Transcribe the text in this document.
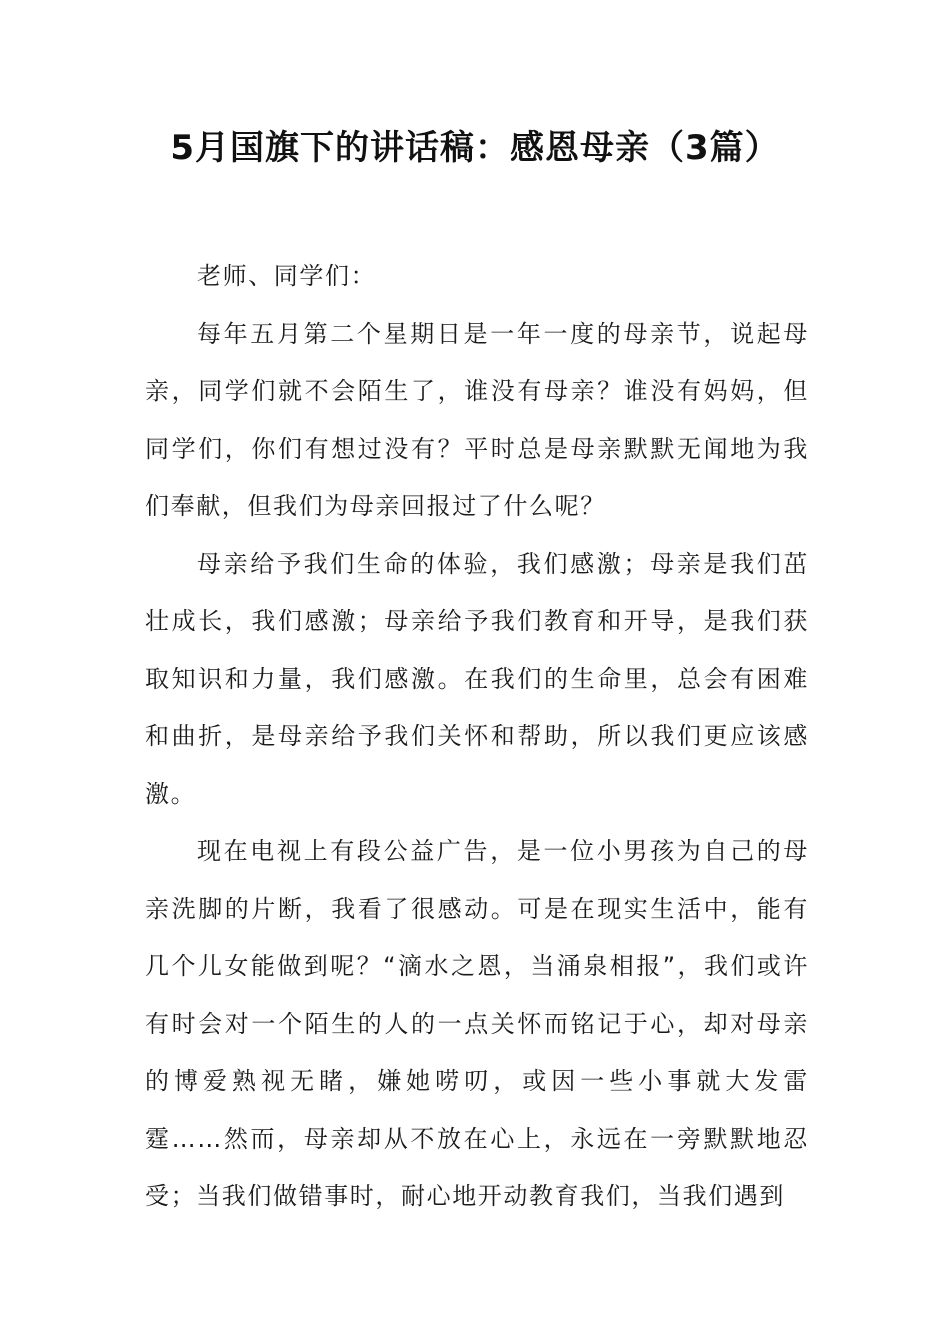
5月国旗下的讲话稿：感恩母亲（3篇）

老师、同学们：

每年五月第二个星期日是一年一度的母亲节，说起母亲，同学们就不会陌生了，谁没有母亲？谁没有妈妈，但同学们，你们有想过没有？平时总是母亲默默无闻地为我们奉献，但我们为母亲回报过了什么呢？

母亲给予我们生命的体验，我们感激；母亲是我们茁壮成长，我们感激；母亲给予我们教育和开导，是我们获取知识和力量，我们感激。在我们的生命里，总会有困难和曲折，是母亲给予我们关怀和帮助，所以我们更应该感激。

现在电视上有段公益广告，是一位小男孩为自己的母亲洗脚的片断，我看了很感动。可是在现实生活中，能有几个儿女能做到呢？“滴水之恩，当涌泉相报”，我们或许有时会对一个陌生的人的一点关怀而铭记于心，却对母亲的博爱熟视无睹，嫌她唠叨，或因一些小事就大发雷霆……然而，母亲却从不放在心上，永远在一旁默默地忍受；当我们做错事时，耐心地开动教育我们，当我们遇到
